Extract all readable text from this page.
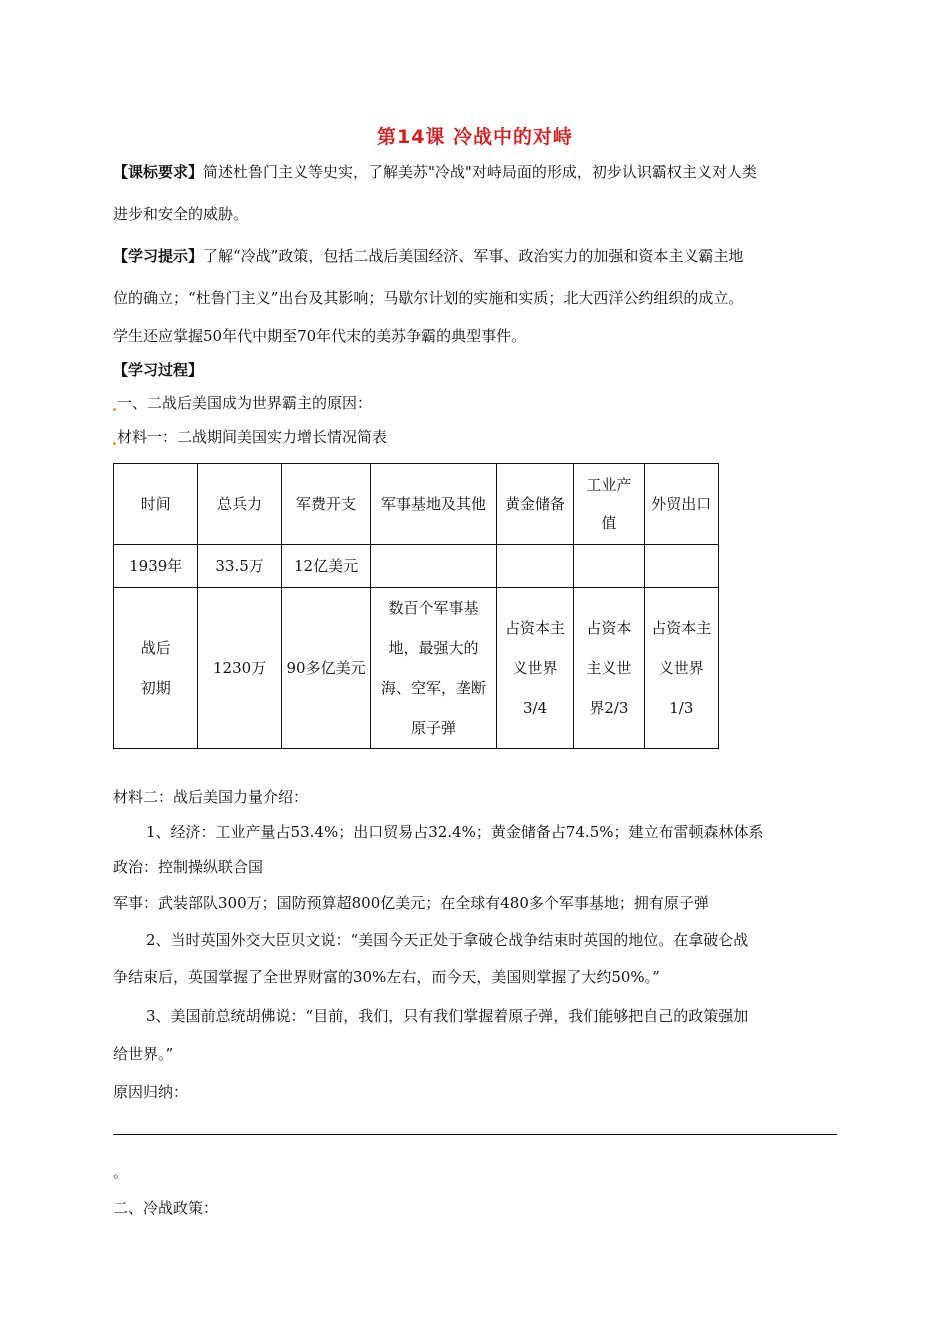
第14课 冷战中的对峙
【课标要求】简述杜鲁门主义等史实，了解美苏"冷战"对峙局面的形成，初步认识霸权主义对人类
进步和安全的威胁。
【学习提示】了解“冷战”政策，包括二战后美国经济、军事、政治实力的加强和资本主义霸主地
位的确立；“杜鲁门主义”出台及其影响；马歇尔计划的实施和实质；北大西洋公约组织的成立。
学生还应掌握50年代中期至70年代末的美苏争霸的典型事件。
【学习过程】
一、二战后美国成为世界霸主的原因：
材料一：二战期间美国实力增长情况简表
时间	总兵力	军费开支	军事基地及其他	黄金储备	工业产值	外贸出口
1939年	33.5万	12亿美元				
战后初期	1230万	90多亿美元	数百个军事基地，最强大的海、空军，垄断原子弹	占资本主义世界3/4	占资本主义世界2/3	占资本主义世界1/3
材料二：战后美国力量介绍：
1、经济：工业产量占53.4%；出口贸易占32.4%；黄金储备占74.5%；建立布雷顿森林体系
政治：控制操纵联合国
军事：武装部队300万；国防预算超800亿美元；在全球有480多个军事基地；拥有原子弹
2、当时英国外交大臣贝文说：“美国今天正处于拿破仑战争结束时英国的地位。在拿破仑战
争结束后，英国掌握了全世界财富的30%左右，而今天，美国则掌握了大约50%。”
3、美国前总统胡佛说：“目前，我们，只有我们掌握着原子弹，我们能够把自己的政策强加
给世界。”
原因归纳：
。
二、冷战政策：
